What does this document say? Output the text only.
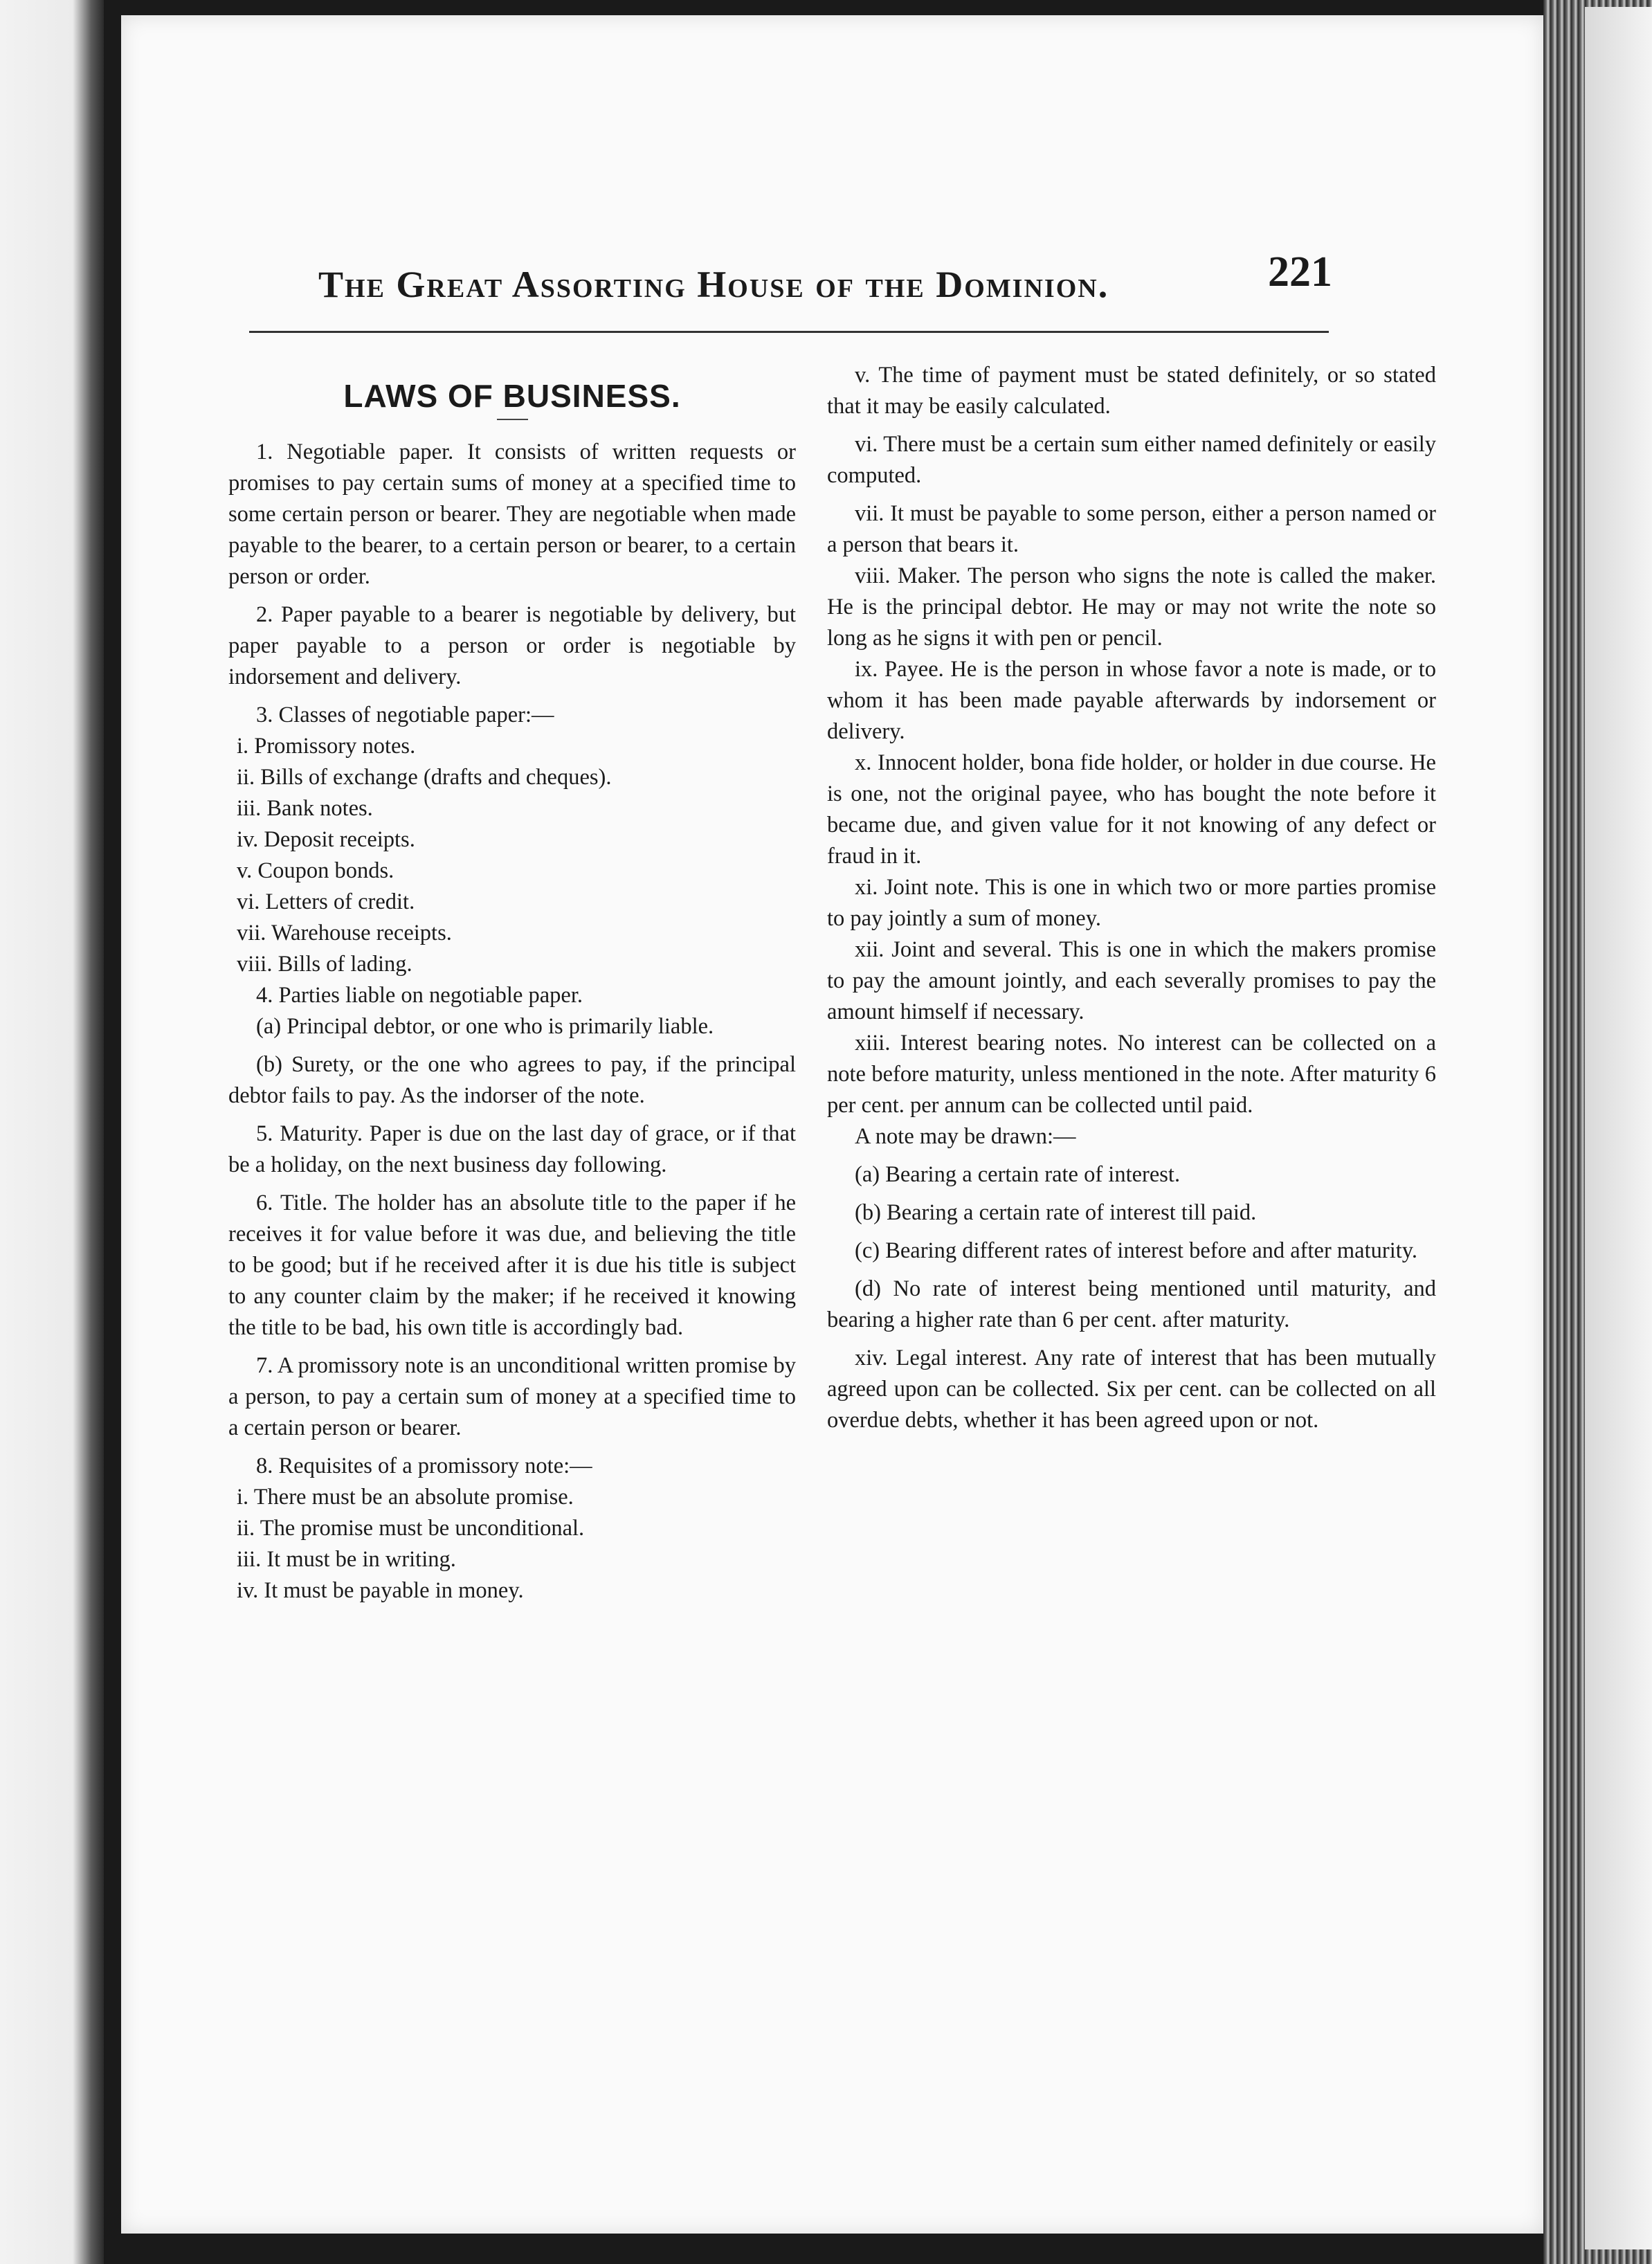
The Great Assorting House of the Dominion.	221
LAWS OF BUSINESS.

1. Negotiable paper. It consists of written requests or promises to pay certain sums of money at a specified time to some certain person or bearer. They are negotiable when made payable to the bearer, to a certain person or bearer, to a certain person or order.

2. Paper payable to a bearer is negotiable by delivery, but paper payable to a person or order is negotiable by indorsement and delivery.

3. Classes of negotiable paper:—

i. Promissory notes.

ii. Bills of exchange (drafts and cheques).

iii. Bank notes.

iv. Deposit receipts.

v. Coupon bonds.

vi. Letters of credit.

vii. Warehouse receipts.

viii. Bills of lading.

4. Parties liable on negotiable paper.

(a) Principal debtor, or one who is primarily liable.

(b) Surety, or the one who agrees to pay, if the principal debtor fails to pay. As the indorser of the note.

5. Maturity. Paper is due on the last day of grace, or if that be a holiday, on the next business day following.

6. Title. The holder has an absolute title to the paper if he receives it for value before it was due, and believing the title to be good; but if he received after it is due his title is subject to any counter claim by the maker; if he received it knowing the title to be bad, his own title is accordingly bad.

7. A promissory note is an unconditional written promise by a person, to pay a certain sum of money at a specified time to a certain person or bearer.

8. Requisites of a promissory note:—

i. There must be an absolute promise.

ii. The promise must be unconditional.

iii. It must be in writing.

iv. It must be payable in money.

v. The time of payment must be stated definitely, or so stated that it may be easily calculated.

vi. There must be a certain sum either named definitely or easily computed.

vii. It must be payable to some person, either a person named or a person that bears it.

viii. Maker. The person who signs the note is called the maker. He is the principal debtor. He may or may not write the note so long as he signs it with pen or pencil.

ix. Payee. He is the person in whose favor a note is made, or to whom it has been made payable afterwards by indorsement or delivery.

x. Innocent holder, bona fide holder, or holder in due course. He is one, not the original payee, who has bought the note before it became due, and given value for it not knowing of any defect or fraud in it.

xi. Joint note. This is one in which two or more parties promise to pay jointly a sum of money.

xii. Joint and several. This is one in which the makers promise to pay the amount jointly, and each severally promises to pay the amount himself if necessary.

xiii. Interest bearing notes. No interest can be collected on a note before maturity, unless mentioned in the note. After maturity 6 per cent. per annum can be collected until paid.

A note may be drawn:—

(a) Bearing a certain rate of interest.

(b) Bearing a certain rate of interest till paid.

(c) Bearing different rates of interest before and after maturity.

(d) No rate of interest being mentioned until maturity, and bearing a higher rate than 6 per cent. after maturity.

xiv. Legal interest. Any rate of interest that has been mutually agreed upon can be collected. Six per cent. can be collected on all overdue debts, whether it has been agreed upon or not.
